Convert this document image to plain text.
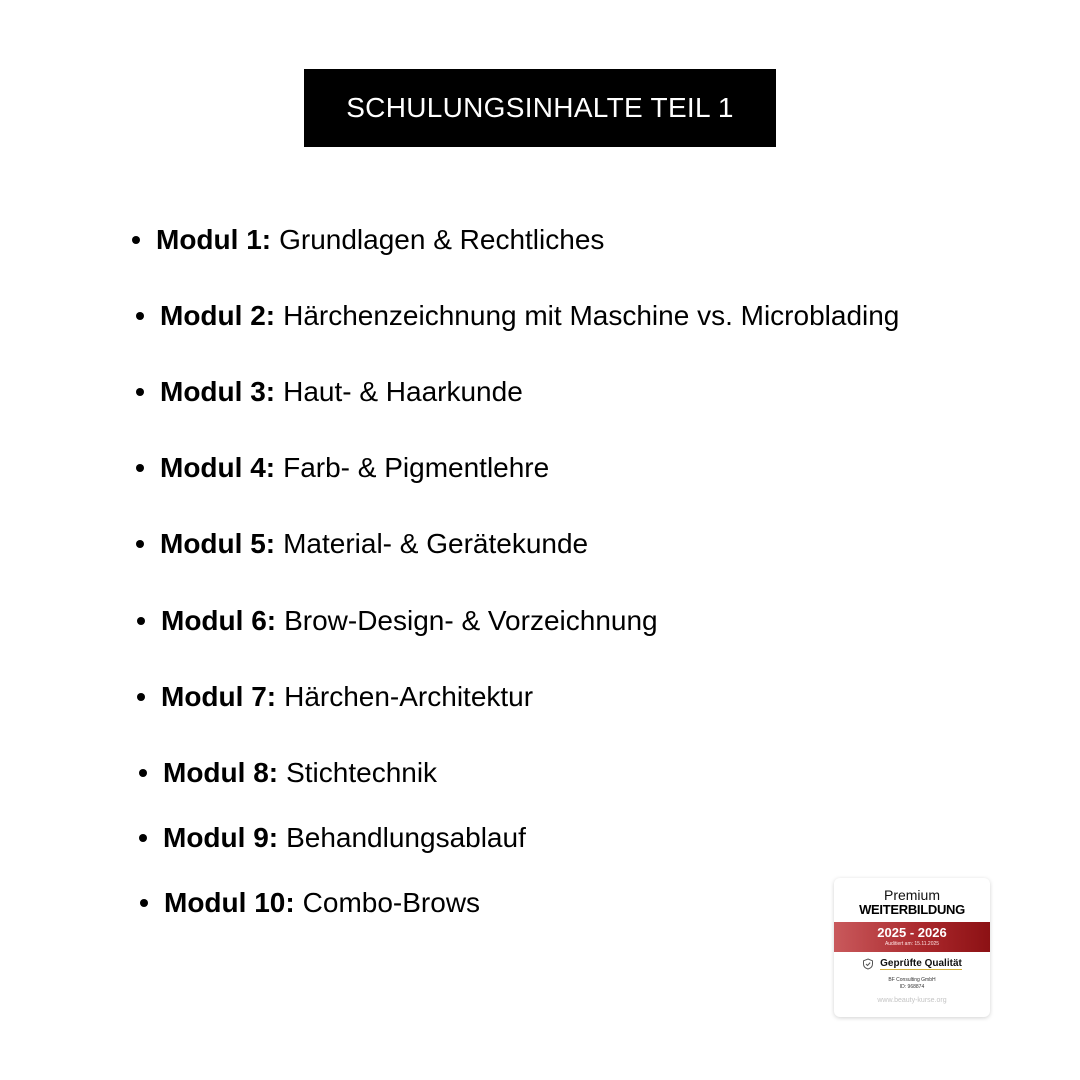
SCHULUNGSINHALTE TEIL 1
Modul 1: Grundlagen & Rechtliches
Modul 2: Härchenzeichnung mit Maschine vs. Microblading
Modul 3: Haut- & Haarkunde
Modul 4: Farb- & Pigmentlehre
Modul 5: Material- & Gerätekunde
Modul 6: Brow-Design- & Vorzeichnung
Modul 7: Härchen-Architektur
Modul 8: Stichtechnik
Modul 9: Behandlungsablauf
Modul 10: Combo-Brows	Premium
WEITERBILDUNG
2025 - 2026
Auditiert am: 15.11.2025
Geprüfte Qualität
BF Consulting GmbH
ID: 968874
www.beauty-kurse.org
